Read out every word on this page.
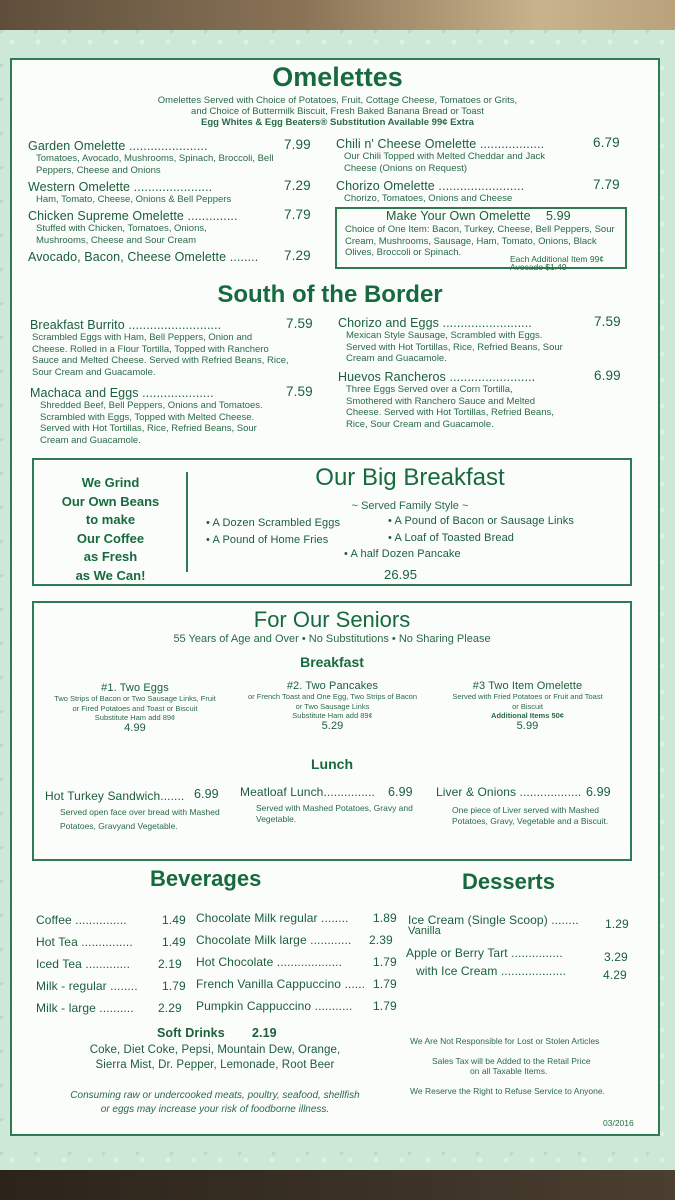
Omelettes
Omelettes Served with Choice of Potatoes, Fruit, Cottage Cheese, Tomatoes or Grits,
and Choice of Buttermilk Biscuit, Fresh Baked Banana Bread or Toast
Egg Whites & Egg Beaters® Substitution Available 99¢ Extra
Garden Omelette ......................	7.99
Tomatoes, Avocado, Mushrooms, Spinach, Broccoli, Bell Peppers, Cheese and Onions
Western Omelette ......................	7.29
Ham, Tomato, Cheese, Onions & Bell Peppers
Chicken Supreme Omelette ..............	7.79
Stuffed with Chicken, Tomatoes, Onions, Mushrooms, Cheese and Sour Cream
Avocado, Bacon, Cheese Omelette ........	7.29
Chili n' Cheese Omelette ..................	6.79
Our Chili Topped with Melted Cheddar and Jack Cheese (Onions on Request)
Chorizo Omelette ........................	7.79
Chorizo, Tomatoes, Onions and Cheese
Make Your Own Omelette 5.99
Choice of One Item: Bacon, Turkey, Cheese, Bell Peppers, Sour Cream, Mushrooms, Sausage, Ham, Tomato, Onions, Black Olives, Broccoli or Spinach.
Each Additional Item 99¢
Avocado $1.49
South of the Border
Breakfast Burrito ..........................	7.59
Scrambled Eggs with Ham, Bell Peppers, Onion and Cheese. Rolled in a Flour Tortilla, Topped with Ranchero Sauce and Melted Cheese. Served with Refried Beans, Rice, Sour Cream and Guacamole.
Machaca and Eggs ....................	7.59
Shredded Beef, Bell Peppers, Onions and Tomatoes. Scrambled with Eggs, Topped with Melted Cheese. Served with Hot Tortillas, Rice, Refried Beans, Sour Cream and Guacamole.
Chorizo and Eggs .........................	7.59
Mexican Style Sausage, Scrambled with Eggs. Served with Hot Tortillas, Rice, Refried Beans, Sour Cream and Guacamole.
Huevos Rancheros ........................	6.99
Three Eggs Served over a Corn Tortilla, Smothered with Ranchero Sauce and Melted Cheese. Served with Hot Tortillas, Refried Beans, Rice, Sour Cream and Guacamole.
We Grind
Our Own Beans
to make
Our Coffee
as Fresh
as We Can!
Our Big Breakfast
~ Served Family Style ~
• A Dozen Scrambled Eggs	• A Pound of Bacon or Sausage Links
• A Pound of Home Fries	• A Loaf of Toasted Bread
• A half Dozen Pancake
26.95
For Our Seniors
55 Years of Age and Over • No Substitutions • No Sharing Please
Breakfast
#1. Two Eggs
Two Strips of Bacon or Two Sausage Links, Fruit or Fired Potatoes and Toast or Biscuit
Substitute Ham add 89¢
4.99
#2. Two Pancakes
or French Toast and One Egg, Two Strips of Bacon or Two Sausage Links
Substitute Ham add 89¢
5.29
#3 Two Item Omelette
Served with Fried Potatoes or Fruit and Toast or Biscuit
Additional Items 50¢
5.99
Lunch
Hot Turkey Sandwich....... 6.99
Served open face over bread with Mashed Potatoes, Gravyand Vegetable.
Meatloaf Lunch...............	6.99
Served with Mashed Potatoes, Gravy and Vegetable.
Liver & Onions .................. 6.99
One piece of Liver served with Mashed Potatoes, Gravy, Vegetable and a Biscuit.
Beverages
Coffee ...............	1.49
Hot Tea ...............	1.49
Iced Tea .............	2.19
Milk - regular ........	1.79
Milk - large ..........	2.29
Chocolate Milk regular ........	1.89
Chocolate Milk large ............	2.39
Hot Chocolate ...................	1.79
French Vanilla Cappuccino ...... 1.79
Pumpkin Cappuccino ...........	1.79
Soft Drinks 2.19
Coke, Diet Coke, Pepsi, Mountain Dew, Orange,
Sierra Mist, Dr. Pepper, Lemonade, Root Beer
Consuming raw or undercooked meats, poultry, seafood, shellfish
or eggs may increase your risk of foodborne illness.
Desserts
Ice Cream (Single Scoop) ........	1.29
Vanilla
Apple or Berry Tart ...............	3.29
with Ice Cream ...................	4.29
We Are Not Responsible for Lost or Stolen Articles
Sales Tax will be Added to the Retail Price
on all Taxable Items.
We Reserve the Right to Refuse Service to Anyone.
03/2016
